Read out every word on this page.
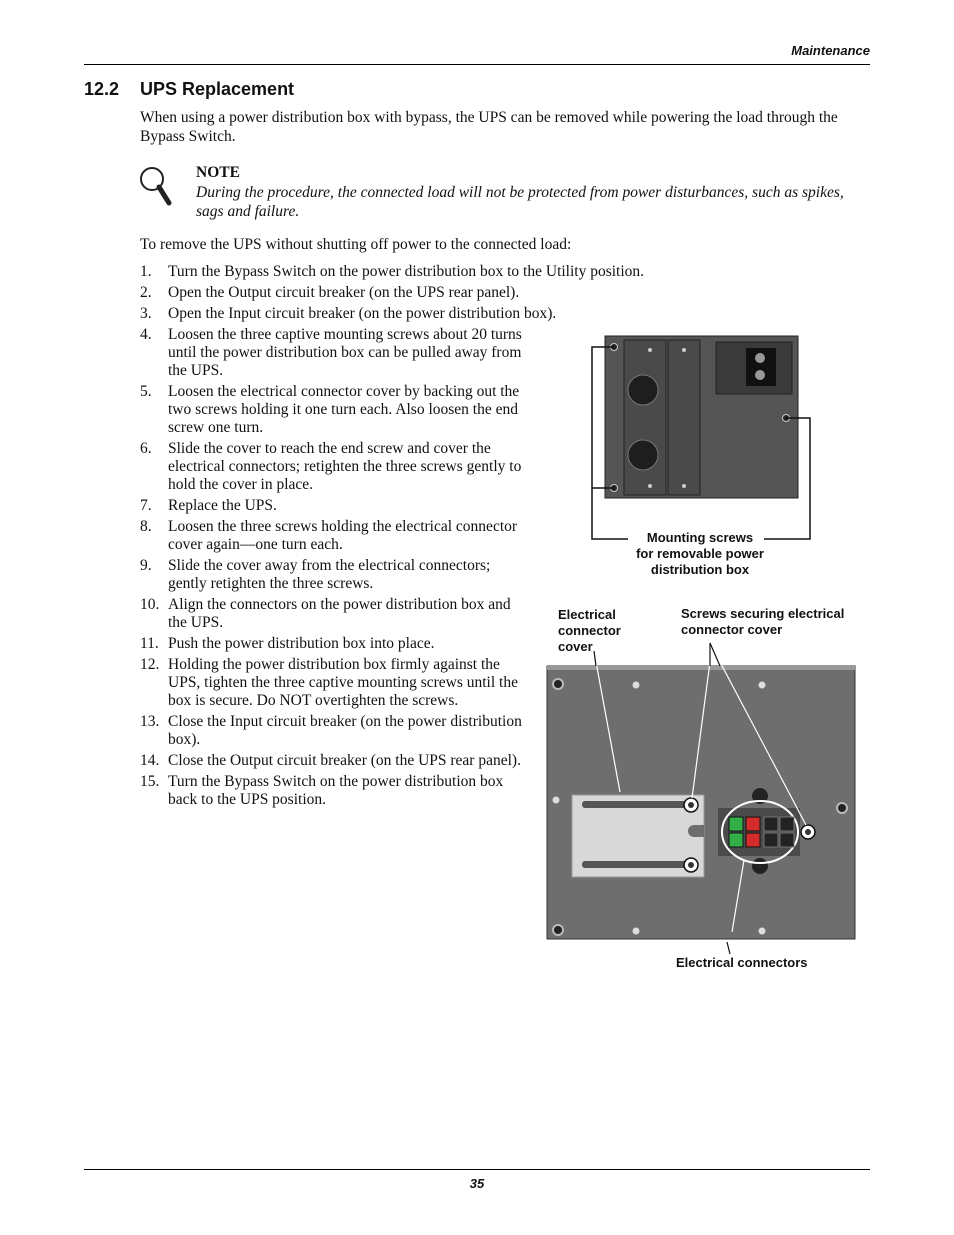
Maintenance
12.2 UPS Replacement

When using a power distribution box with bypass, the UPS can be removed while powering the load through the Bypass Switch.

NOTE

During the procedure, the connected load will not be protected from power disturbances, such as spikes, sags and failure.

To remove the UPS without shutting off power to the connected load:

1. Turn the Bypass Switch on the power distribution box to the Utility position.
2. Open the Output circuit breaker (on the UPS rear panel).
3. Open the Input circuit breaker (on the power distribution box).
4. Loosen the three captive mounting screws about 20 turns until the power distribution box can be pulled away from the UPS.
5. Loosen the electrical connector cover by backing out the two screws holding it one turn each. Also loosen the end screw one turn.
6. Slide the cover to reach the end screw and cover the electrical connectors; retighten the three screws gently to hold the cover in place.
7. Replace the UPS.
8. Loosen the three screws holding the electrical connector cover again—one turn each.
9. Slide the cover away from the electrical connectors; gently retighten the three screws.
10. Align the connectors on the power distribution box and the UPS.
11. Push the power distribution box into place.
12. Holding the power distribution box firmly against the UPS, tighten the three captive mounting screws until the box is secure. Do NOT overtighten the screws.
13. Close the Input circuit breaker (on the power distribution box).
14. Close the Output circuit breaker (on the UPS rear panel).
15. Turn the Bypass Switch on the power distribution box back to the UPS position.
Mounting screws
for removable power
distribution box
Electrical
connector
cover
Screws securing electrical
connector cover
Electrical connectors
35
